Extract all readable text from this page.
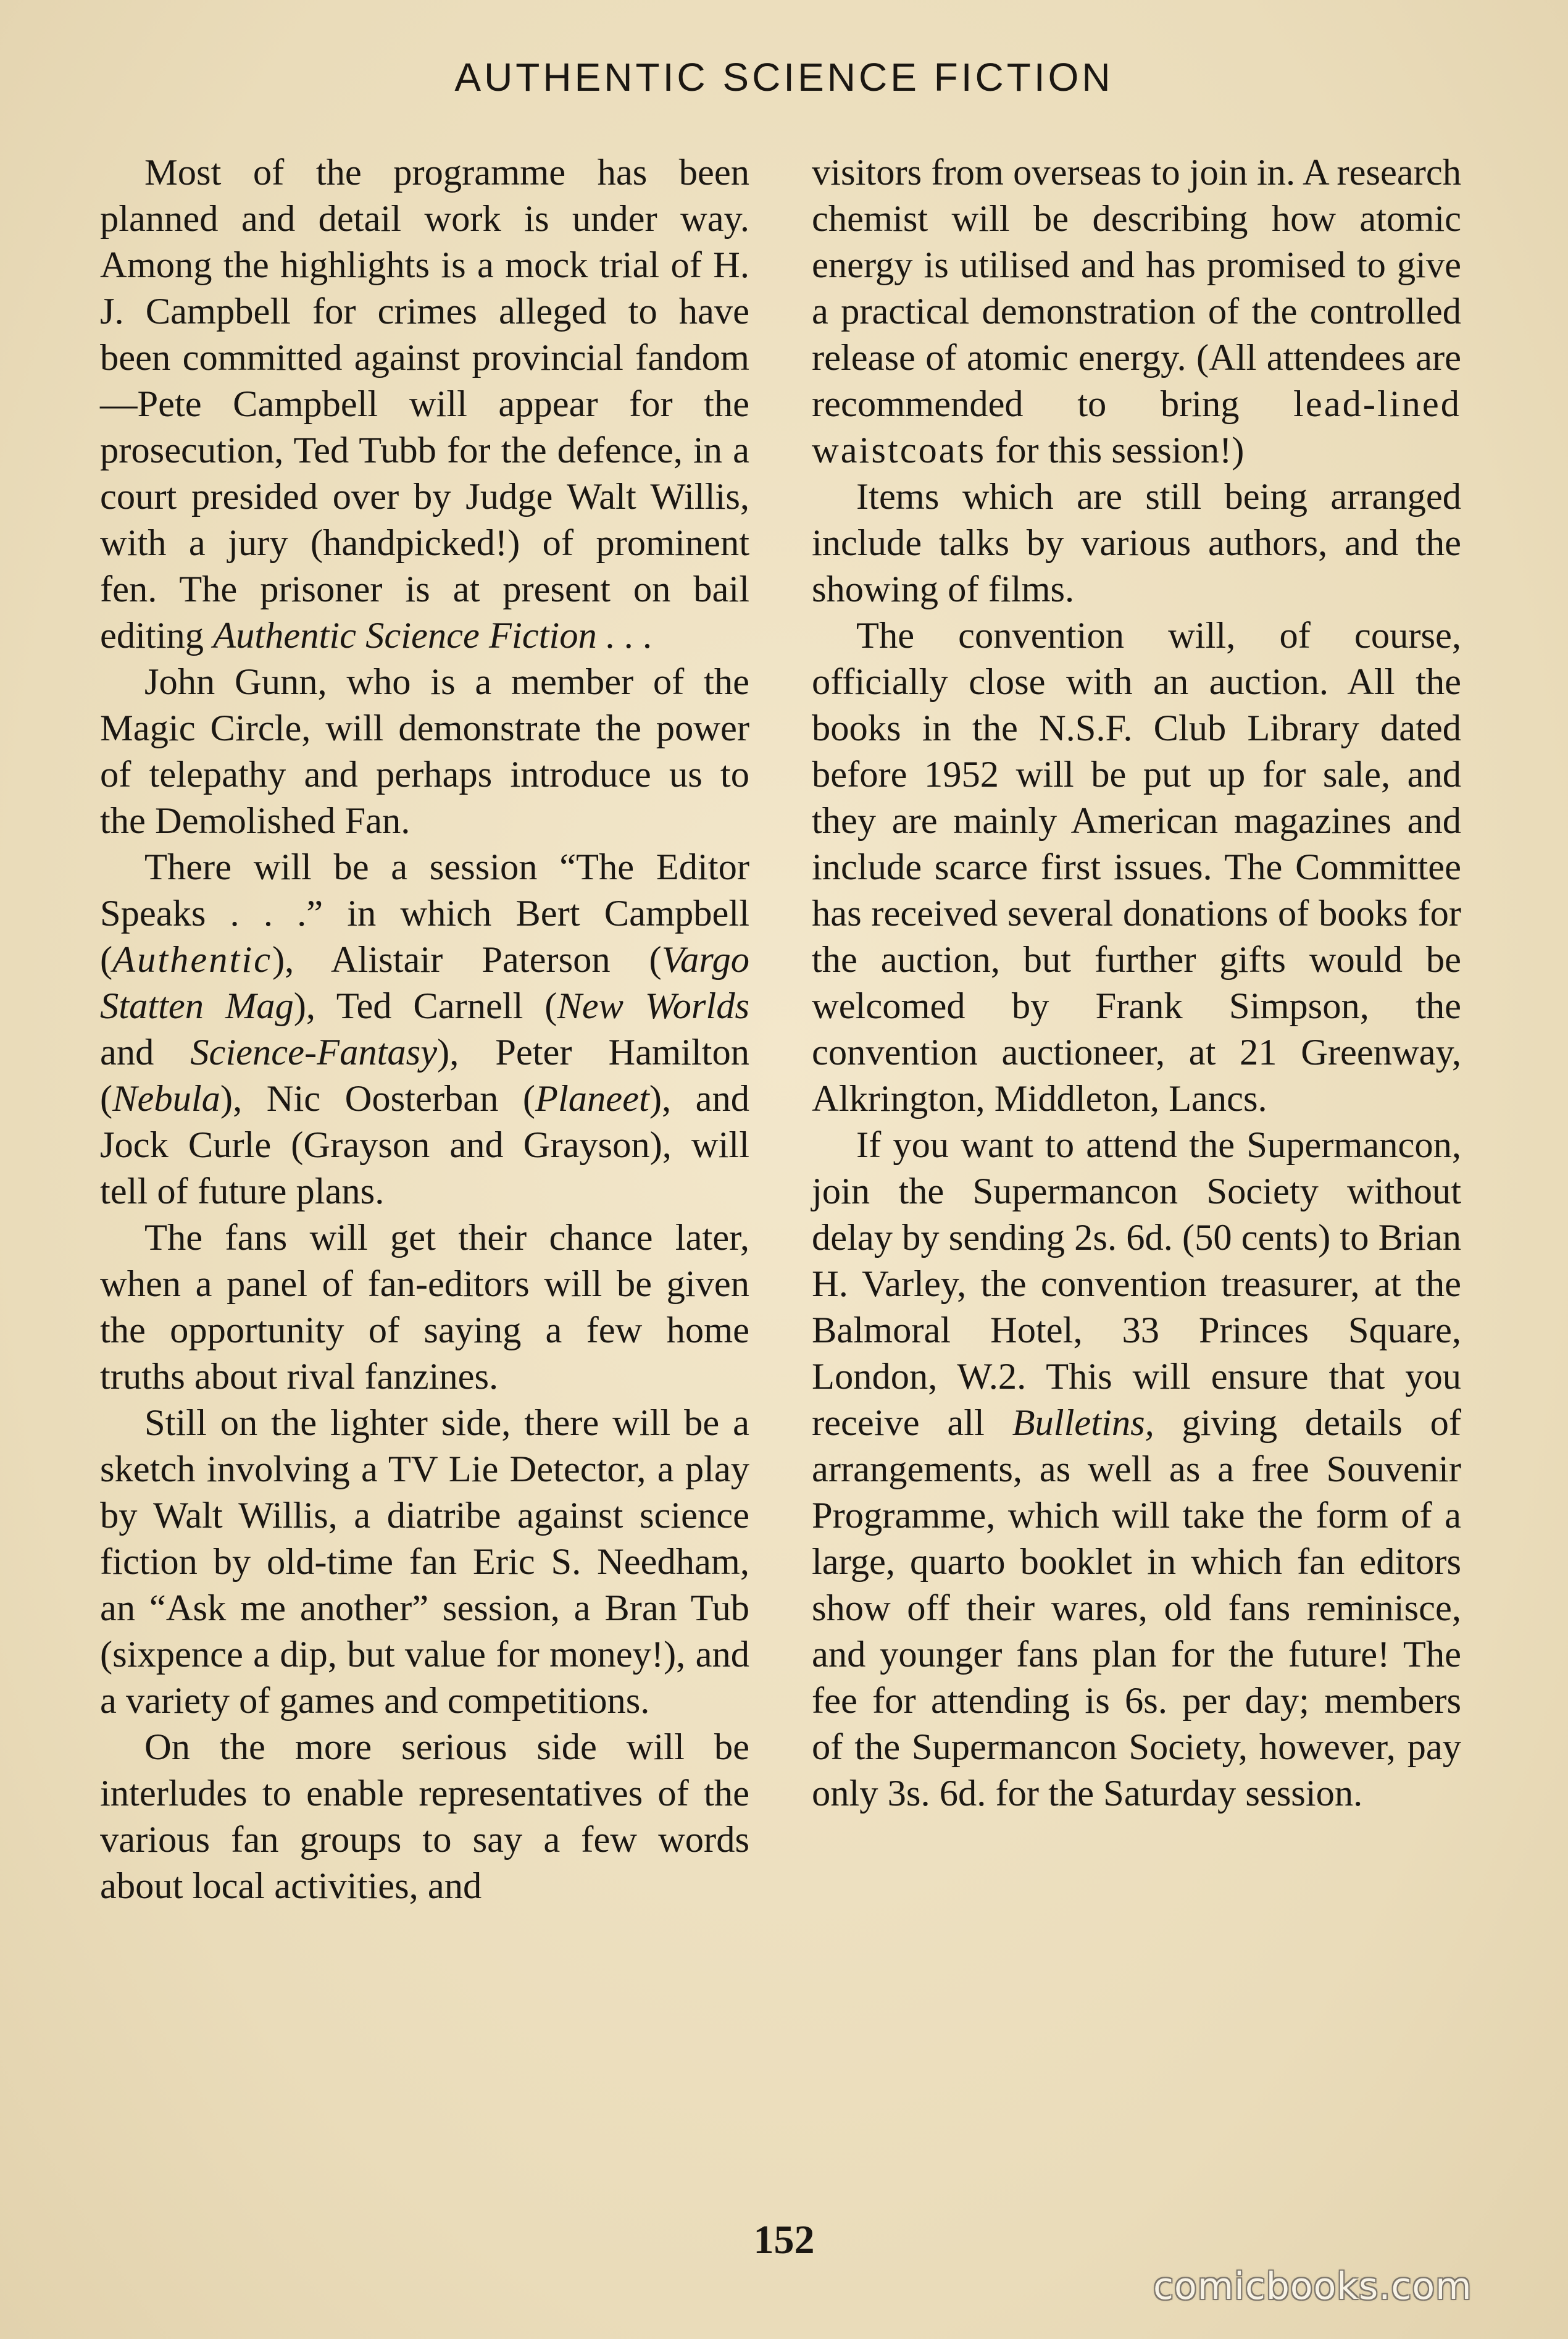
AUTHENTIC SCIENCE FICTION

Most of the programme has been planned and detail work is under way. Among the highlights is a mock trial of H. J. Campbell for crimes alleged to have been committed against provincial fandom—Pete Campbell will appear for the prosecution, Ted Tubb for the defence, in a court presided over by Judge Walt Willis, with a jury (handpicked!) of prominent fen. The prisoner is at present on bail editing Authentic Science Fiction . . .

John Gunn, who is a member of the Magic Circle, will demonstrate the power of telepathy and perhaps introduce us to the Demolished Fan.

There will be a session “The Editor Speaks . . .” in which Bert Campbell (Authentic), Alistair Paterson (Vargo Statten Mag), Ted Carnell (New Worlds and Science-Fantasy), Peter Hamilton (Nebula), Nic Oosterban (Planeet), and Jock Curle (Grayson and Grayson), will tell of future plans.

The fans will get their chance later, when a panel of fan-editors will be given the opportunity of saying a few home truths about rival fanzines.

Still on the lighter side, there will be a sketch involving a TV Lie Detector, a play by Walt Willis, a diatribe against science fiction by old-time fan Eric S. Needham, an “Ask me another” session, a Bran Tub (sixpence a dip, but value for money!), and a variety of games and competitions.

On the more serious side will be interludes to enable representatives of the various fan groups to say a few words about local activities, and

visitors from overseas to join in. A research chemist will be describing how atomic energy is utilised and has promised to give a practical demonstration of the controlled release of atomic energy. (All attendees are recommended to bring lead-lined waistcoats for this session!)

Items which are still being arranged include talks by various authors, and the showing of films.

The convention will, of course, officially close with an auction. All the books in the N.S.F. Club Library dated before 1952 will be put up for sale, and they are mainly American magazines and include scarce first issues. The Committee has received several donations of books for the auction, but further gifts would be welcomed by Frank Simpson, the convention auctioneer, at 21 Greenway, Alkrington, Middleton, Lancs.

If you want to attend the Supermancon, join the Supermancon Society without delay by sending 2s. 6d. (50 cents) to Brian H. Varley, the convention treasurer, at the Balmoral Hotel, 33 Princes Square, London, W.2. This will ensure that you receive all Bulletins, giving details of arrangements, as well as a free Souvenir Programme, which will take the form of a large, quarto booklet in which fan editors show off their wares, old fans reminisce, and younger fans plan for the future! The fee for attending is 6s. per day; members of the Supermancon Society, however, pay only 3s. 6d. for the Saturday session.

152
comicbooks.com
